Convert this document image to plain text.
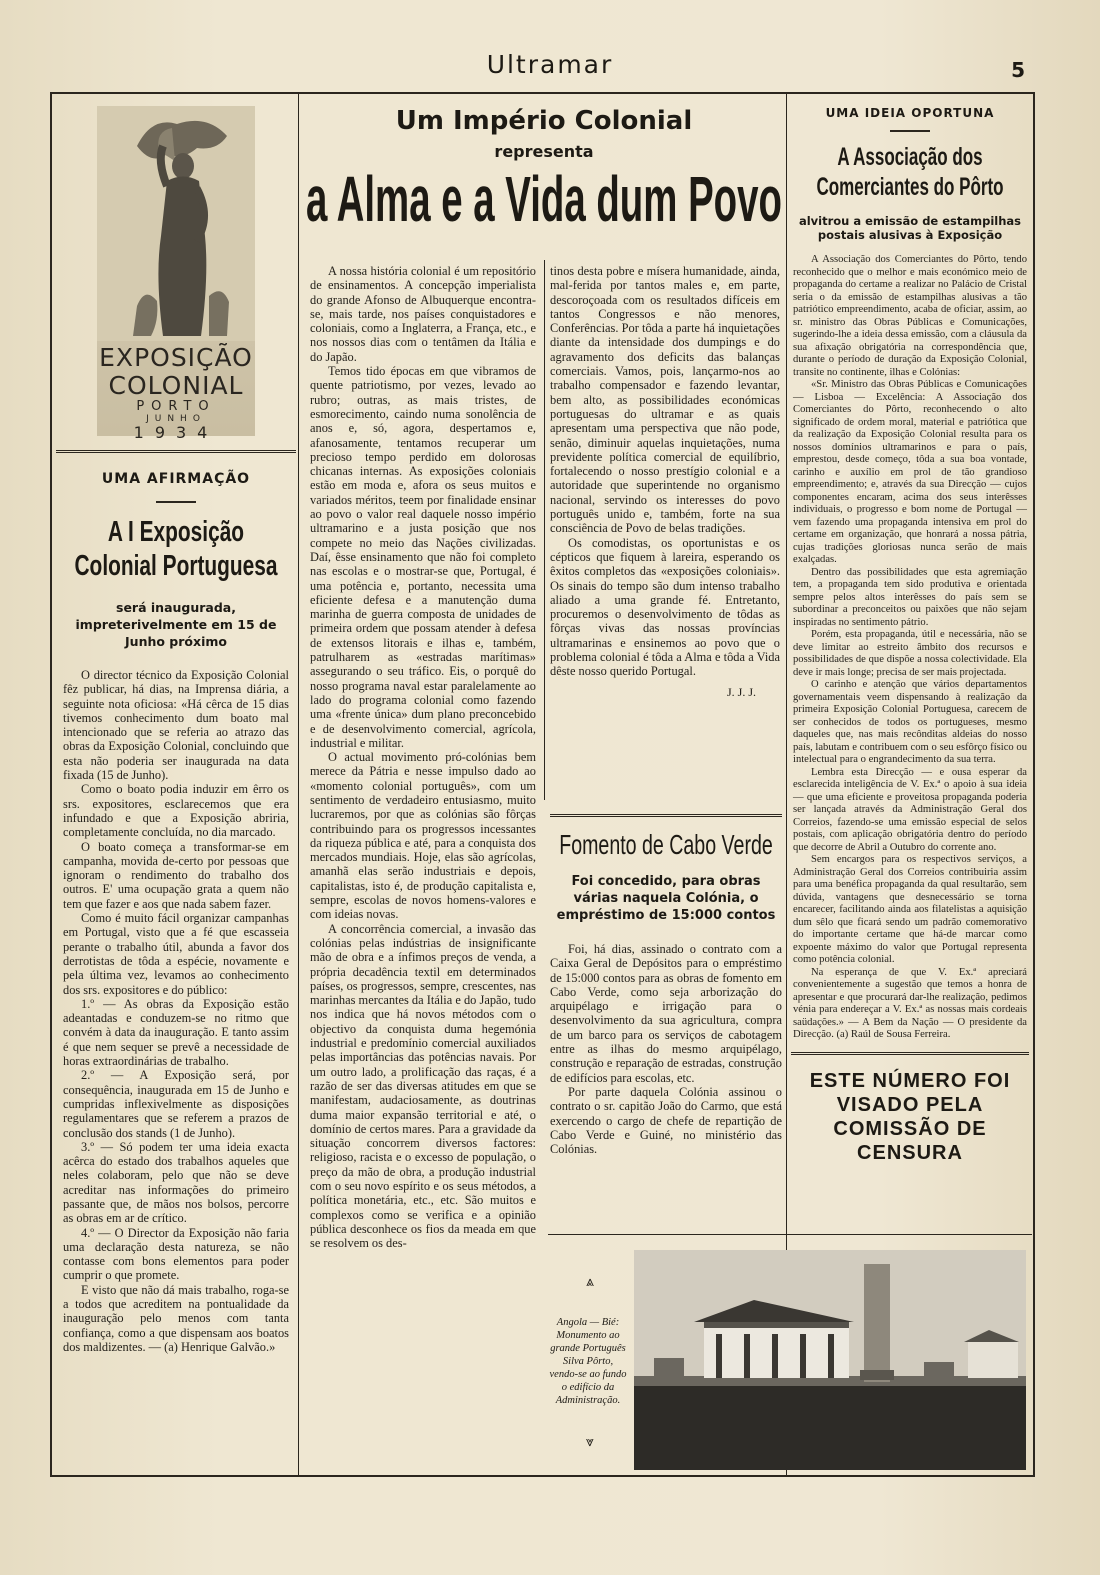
Ultramar	5
EXPOSIÇÃO
COLONIAL
PORTO
JUNHO
1934
UMA AFIRMAÇÃO
A I Exposição Colonial Portuguesa
será inaugurada, impreterivelmente em 15 de Junho próximo

O director técnico da Exposição Colonial fêz publicar, há dias, na Imprensa diária, a seguinte nota oficiosa: «Há cêrca de 15 dias tivemos conhecimento dum boato mal intencionado que se referia ao atrazo das obras da Exposição Colonial, concluindo que esta não poderia ser inaugurada na data fixada (15 de Junho).

Como o boato podia induzir em êrro os srs. expositores, esclarecemos que era infundado e que a Exposição abriria, completamente concluída, no dia marcado.

O boato começa a transformar-se em campanha, movida de-certo por pessoas que ignoram o rendimento do trabalho dos outros. E' uma ocupação grata a quem não tem que fazer e aos que nada sabem fazer.

Como é muito fácil organizar campanhas em Portugal, visto que a fé que escasseia perante o trabalho útil, abunda a favor dos derrotistas de tôda a espécie, novamente e pela última vez, levamos ao conhecimento dos srs. expositores e do público:

1.º — As obras da Exposição estão adeantadas e conduzem-se no ritmo que convém à data da inauguração. E tanto assim é que nem sequer se prevê a necessidade de horas extraordinárias de trabalho.

2.º — A Exposição será, por consequência, inaugurada em 15 de Junho e cumpridas inflexivelmente as disposições regulamentares que se referem a prazos de conclusão dos stands (1 de Junho).

3.º — Só podem ter uma ideia exacta acêrca do estado dos trabalhos aqueles que neles colaboram, pelo que não se deve acreditar nas informações do primeiro passante que, de mãos nos bolsos, percorre as obras em ar de crítico.

4.º — O Director da Exposição não faria uma declaração desta natureza, se não contasse com bons elementos para poder cumprir o que promete.

E visto que não dá mais trabalho, roga-se a todos que acreditem na pontualidade da inauguração pelo menos com tanta confiança, como a que dispensam aos boatos dos maldizentes. — (a) Henrique Galvão.»

Um Império Colonial
representa
a Alma e a Vida dum Povo

A nossa história colonial é um repositório de ensinamentos. A concepção imperialista do grande Afonso de Albuquerque encontra-se, mais tarde, nos países conquistadores e coloniais, como a Inglaterra, a França, etc., e nos nossos dias com o tentâmen da Itália e do Japão.

Temos tido épocas em que vibramos de quente patriotismo, por vezes, levado ao rubro; outras, as mais tristes, de esmorecimento, caindo numa sonolência de anos e, só, agora, despertamos e, afanosamente, tentamos recuperar um precioso tempo perdido em dolorosas chicanas internas. As exposições coloniais estão em moda e, afora os seus muitos e variados méritos, teem por finalidade ensinar ao povo o valor real daquele nosso império ultramarino e a justa posição que nos compete no meio das Nações civilizadas. Daí, êsse ensinamento que não foi completo nas escolas e o mostrar-se que, Portugal, é uma potência e, portanto, necessita uma eficiente defesa e a manutenção duma marinha de guerra composta de unidades de primeira ordem que possam atender à defesa de extensos litorais e ilhas e, também, patrulharem as «estradas marítimas» assegurando o seu tráfico. Eis, o porquê do nosso programa naval estar paralelamente ao lado do programa colonial como fazendo uma «frente única» dum plano preconcebido e de desenvolvimento comercial, agrícola, industrial e militar.

O actual movimento pró-colónias bem merece da Pátria e nesse impulso dado ao «momento colonial português», com um sentimento de verdadeiro entusiasmo, muito lucraremos, por que as colónias são fôrças contribuindo para os progressos incessantes da riqueza pública e até, para a conquista dos mercados mundiais. Hoje, elas são agrícolas, amanhã elas serão industriais e depois, capitalistas, isto é, de produção capitalista e, sempre, escolas de novos homens-valores e com ideias novas.

A concorrência comercial, a invasão das colónias pelas indústrias de insignificante mão de obra e a ínfimos preços de venda, a própria decadência textil em determinados países, os progressos, sempre, crescentes, nas marinhas mercantes da Itália e do Japão, tudo nos indica que há novos métodos com o objectivo da conquista duma hegemónia industrial e predomínio comercial auxiliados pelas importâncias das potências navais. Por um outro lado, a prolificação das raças, é a razão de ser das diversas atitudes em que se manifestam, audaciosamente, as doutrinas duma maior expansão territorial e até, o domínio de certos mares. Para a gravidade da situação concorrem diversos factores: religioso, racista e o excesso de população, o preço da mão de obra, a produção industrial com o seu novo espírito e os seus métodos, a política monetária, etc., etc. São muitos e complexos como se verifica e a opinião pública desconhece os fios da meada em que se resolvem os des-

tinos desta pobre e mísera humanidade, ainda, mal-ferida por tantos males e, em parte, descoroçoada com os resultados difíceis em tantos Congressos e não menores, Conferências. Por tôda a parte há inquietações diante da intensidade dos dumpings e do agravamento dos deficits das balanças comerciais. Vamos, pois, lançarmo-nos ao trabalho compensador e fazendo levantar, bem alto, as possibilidades económicas portuguesas do ultramar e as quais apresentam uma perspectiva que não pode, senão, diminuir aquelas inquietações, numa previdente política comercial de equilíbrio, fortalecendo o nosso prestígio colonial e a autoridade que superintende no organismo nacional, servindo os interesses do povo português unido e, também, forte na sua consciência de Povo de belas tradições.

Os comodistas, os oportunistas e os cépticos que fiquem à lareira, esperando os êxitos completos das «exposições coloniais». Os sinais do tempo são dum intenso trabalho aliado a uma grande fé. Entretanto, procuremos o desenvolvimento de tôdas as fôrças vivas das nossas províncias ultramarinas e ensinemos ao povo que o problema colonial é tôda a Alma e tôda a Vida dêste nosso querido Portugal.

J. J. J.
Fomento de Cabo Verde
Foi concedido, para obras várias naquela Colónia, o empréstimo de 15:000 contos

Foi, há dias, assinado o contrato com a Caixa Geral de Depósitos para o empréstimo de 15:000 contos para as obras de fomento em Cabo Verde, como seja arborização do arquipélago e irrigação para o desenvolvimento da sua agricultura, compra de um barco para os serviços de cabotagem entre as ilhas do mesmo arquipélago, construção e reparação de estradas, construção de edifícios para escolas, etc.

Por parte daquela Colónia assinou o contrato o sr. capitão João do Carmo, que está exercendo o cargo de chefe de repartição de Cabo Verde e Guiné, no ministério das Colónias.

UMA IDEIA OPORTUNA
A Associação dos Comerciantes do Pôrto
alvitrou a emissão de estampilhas postais alusivas à Exposição

A Associação dos Comerciantes do Pôrto, tendo reconhecido que o melhor e mais económico meio de propaganda do certame a realizar no Palácio de Cristal seria o da emissão de estampilhas alusivas a tão patriótico empreendimento, acaba de oficiar, assim, ao sr. ministro das Obras Públicas e Comunicações, sugerindo-lhe a ideia dessa emissão, com a cláusula da sua afixação obrigatória na correspondência que, durante o período de duração da Exposição Colonial, transite no continente, ilhas e Colónias:

«Sr. Ministro das Obras Públicas e Comunicações — Lisboa — Excelência: A Associação dos Comerciantes do Pôrto, reconhecendo o alto significado de ordem moral, material e patriótica que da realização da Exposição Colonial resulta para os nossos domínios ultramarinos e para o país, emprestou, desde começo, tôda a sua boa vontade, carinho e auxílio em prol de tão grandioso empreendimento; e, através da sua Direcção — cujos componentes encaram, acima dos seus interêsses individuais, o progresso e bom nome de Portugal — vem fazendo uma propaganda intensiva em prol do certame em organização, que honrará a nossa pátria, cujas tradições gloriosas nunca serão de mais exalçadas.

Dentro das possibilidades que esta agremiação tem, a propaganda tem sido produtiva e orientada sempre pelos altos interêsses do país sem se subordinar a preconceitos ou paixões que não sejam inspiradas no sentimento pátrio.

Porém, esta propaganda, útil e necessária, não se deve limitar ao estreito âmbito dos recursos e possibilidades de que dispõe a nossa colectividade. Ela deve ir mais longe; precisa de ser mais projectada.

O carinho e atenção que vários departamentos governamentais veem dispensando à realização da primeira Exposição Colonial Portuguesa, carecem de ser conhecidos de todos os portugueses, mesmo daqueles que, nas mais recônditas aldeias do nosso país, labutam e contribuem com o seu esfôrço físico ou intelectual para o engrandecimento da sua terra.

Lembra esta Direcção — e ousa esperar da esclarecida inteligência de V. Ex.ª o apoio à sua ideia — que uma eficiente e proveitosa propaganda poderia ser lançada através da Administração Geral dos Correios, fazendo-se uma emissão especial de selos postais, com aplicação obrigatória dentro do período que decorre de Abril a Outubro do corrente ano.

Sem encargos para os respectivos serviços, a Administração Geral dos Correios contribuiria assim para uma benéfica propaganda da qual resultarão, sem dúvida, vantagens que desnecessário se torna encarecer, facilitando ainda aos filatelistas a aquisição dum sêlo que ficará sendo um padrão comemorativo do importante certame que há-de marcar como expoente máximo do valor que Portugal representa como potência colonial.

Na esperança de que V. Ex.ª apreciará convenientemente a sugestão que temos a honra de apresentar e que procurará dar-lhe realização, pedimos vénia para endereçar a V. Ex.ª as nossas mais cordeais saüdações.» — A Bem da Nação — O presidente da Direcção. (a) Raúl de Sousa Ferreira.

ESTE NÚMERO FOI VISADO PELA COMISSÃO DE CENSURA
⩓
Angola — Bié: Monumento ao grande Português Silva Pôrto, vendo-se ao fundo o edifício da Administração.
⩔
